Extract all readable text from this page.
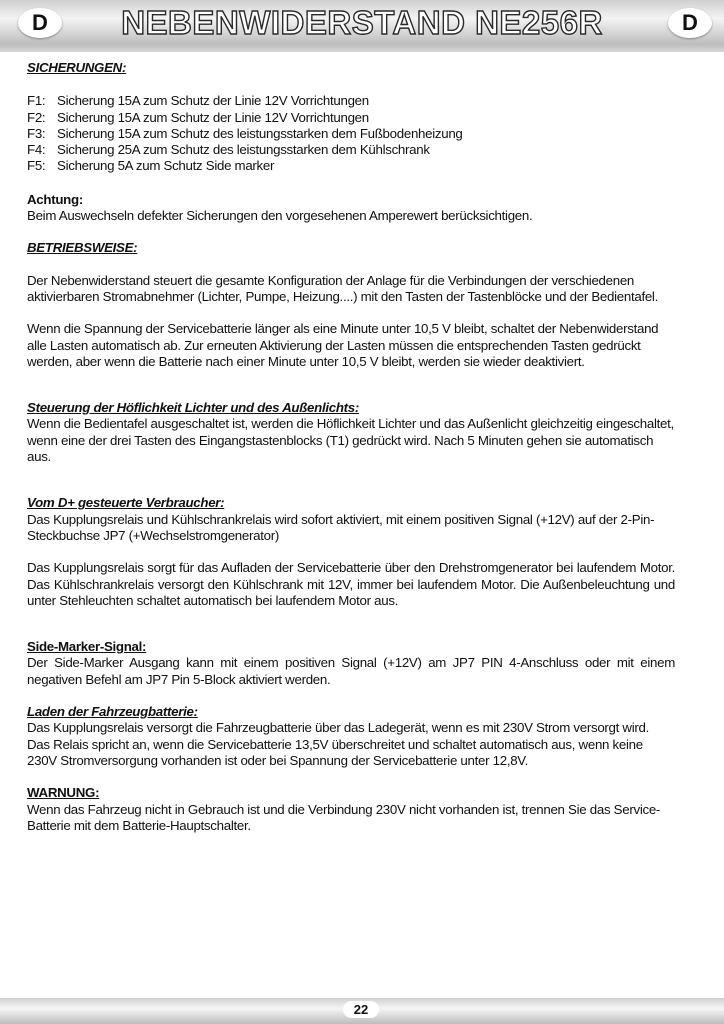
D	NEBENWIDERSTAND NE256R	D

SICHERUNGEN:

F1: Sicherung 15A zum Schutz der Linie 12V Vorrichtungen
F2: Sicherung 15A zum Schutz der Linie 12V Vorrichtungen
F3: Sicherung 15A zum Schutz des leistungsstarken dem Fußbodenheizung
F4: Sicherung 25A zum Schutz des leistungsstarken dem Kühlschrank
F5: Sicherung 5A zum Schutz Side marker

Achtung:

Beim Auswechseln defekter Sicherungen den vorgesehenen Amperewert berücksichtigen.

BETRIEBSWEISE:

Der Nebenwiderstand steuert die gesamte Konfiguration der Anlage für die Verbindungen der verschiedenen aktivierbaren Stromabnehmer (Lichter, Pumpe, Heizung....) mit den Tasten der Tastenblöcke und der Bedientafel.

Wenn die Spannung der Servicebatterie länger als eine Minute unter 10,5 V bleibt, schaltet der Nebenwiderstand alle Lasten automatisch ab. Zur erneuten Aktivierung der Lasten müssen die entsprechenden Tasten gedrückt werden, aber wenn die Batterie nach einer Minute unter 10,5 V bleibt, werden sie wieder deaktiviert.

Steuerung der Höflichkeit Lichter und des Außenlichts:

Wenn die Bedientafel ausgeschaltet ist, werden die Höflichkeit Lichter und das Außenlicht gleichzeitig eingeschaltet, wenn eine der drei Tasten des Eingangstastenblocks (T1) gedrückt wird. Nach 5 Minuten gehen sie automatisch aus.

Vom D+ gesteuerte Verbraucher:

Das Kupplungsrelais und Kühlschrankrelais wird sofort aktiviert, mit einem positiven Signal (+12V) auf der 2-Pin-Steckbuchse JP7 (+Wechselstromgenerator)

Das Kupplungsrelais sorgt für das Aufladen der Servicebatterie über den Drehstromgenerator bei laufendem Motor. Das Kühlschrankrelais versorgt den Kühlschrank mit 12V, immer bei laufendem Motor. Die Außenbeleuchtung und unter Stehleuchten schaltet automatisch bei laufendem Motor aus.

Side-Marker-Signal:

Der Side-Marker Ausgang kann mit einem positiven Signal (+12V) am JP7 PIN 4-Anschluss oder mit einem negativen Befehl am JP7 Pin 5-Block aktiviert werden.

Laden der Fahrzeugbatterie:

Das Kupplungsrelais versorgt die Fahrzeugbatterie über das Ladegerät, wenn es mit 230V Strom versorgt wird.

Das Relais spricht an, wenn die Servicebatterie 13,5V überschreitet und schaltet automatisch aus, wenn keine 230V Stromversorgung vorhanden ist oder bei Spannung der Servicebatterie unter 12,8V.

WARNUNG:

Wenn das Fahrzeug nicht in Gebrauch ist und die Verbindung 230V nicht vorhanden ist, trennen Sie das Service-Batterie mit dem Batterie-Hauptschalter.

22
